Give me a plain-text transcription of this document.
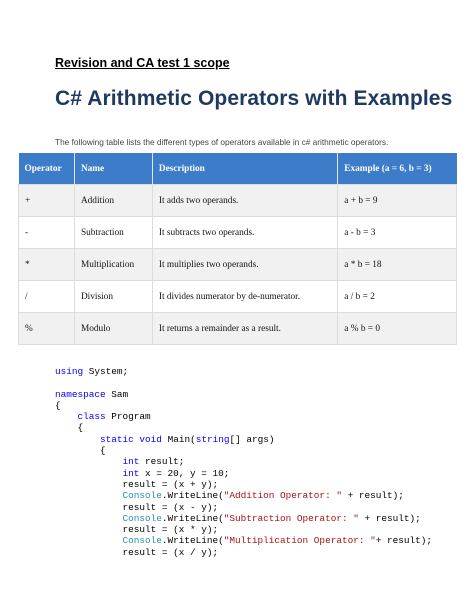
Revision and CA test 1 scope
C# Arithmetic Operators with Examples
The following table lists the different types of operators available in c# arithmetic operators.
Operator	Name	Description	Example (a = 6, b = 3)
+	Addition	It adds two operands.	a + b = 9
-	Subtraction	It subtracts two operands.	a - b = 3
*	Multiplication	It multiplies two operands.	a * b = 18
/	Division	It divides numerator by de-numerator.	a / b = 2
%	Modulo	It returns a remainder as a result.	a % b = 0
using System;
namespace Sam
{
class Program
{
static void Main(string[] args)
{
int result;
int x = 20, y = 10;
result = (x + y);
Console.WriteLine("Addition Operator: " + result);
result = (x - y);
Console.WriteLine("Subtraction Operator: " + result);
result = (x * y);
Console.WriteLine("Multiplication Operator: "+ result);
result = (x / y);
